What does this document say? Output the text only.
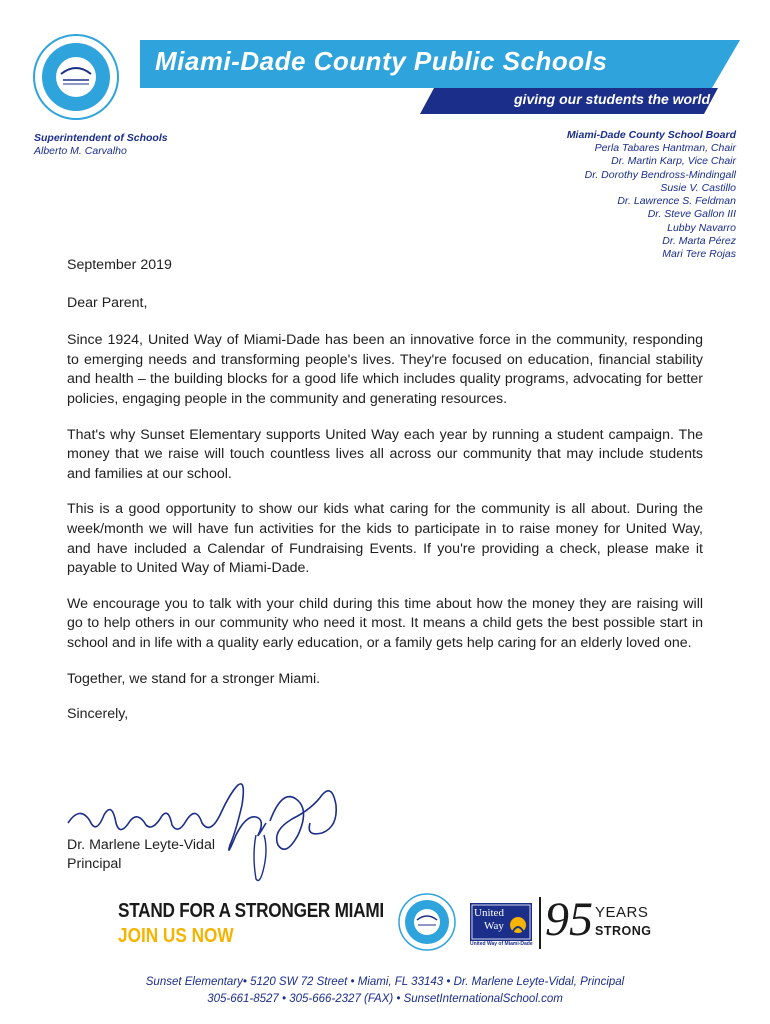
Miami-Dade County Public Schools
giving our students the world
Superintendent of Schools
Alberto M. Carvalho
Miami-Dade County School Board
Perla Tabares Hantman, Chair
Dr. Martin Karp, Vice Chair
Dr. Dorothy Bendross-Mindingall
Susie V. Castillo
Dr. Lawrence S. Feldman
Dr. Steve Gallon III
Lubby Navarro
Dr. Marta Pérez
Mari Tere Rojas

September 2019

Dear Parent,

Since 1924, United Way of Miami-Dade has been an innovative force in the community, responding to emerging needs and transforming people's lives. They're focused on education, financial stability and health – the building blocks for a good life which includes quality programs, advocating for better policies, engaging people in the community and generating resources.

That's why Sunset Elementary supports United Way each year by running a student campaign. The money that we raise will touch countless lives all across our community that may include students and families at our school.

This is a good opportunity to show our kids what caring for the community is all about. During the week/month we will have fun activities for the kids to participate in to raise money for United Way, and have included a Calendar of Fundraising Events. If you're providing a check, please make it payable to United Way of Miami-Dade.

We encourage you to talk with your child during this time about how the money they are raising will go to help others in our community who need it most. It means a child gets the best possible start in school and in life with a quality early education, or a family gets help caring for an elderly loved one.

Together, we stand for a stronger Miami.

Sincerely,

Dr. Marlene Leyte-Vidal
Principal
STAND FOR A STRONGER MIAMI
JOIN US NOW
United
Way
United Way of Miami-Dade 95 YEARS
STRONG
Sunset Elementary• 5120 SW 72 Street • Miami, FL 33143 • Dr. Marlene Leyte-Vidal, Principal
305-661-8527 • 305-666-2327 (FAX) • SunsetInternationalSchool.com
